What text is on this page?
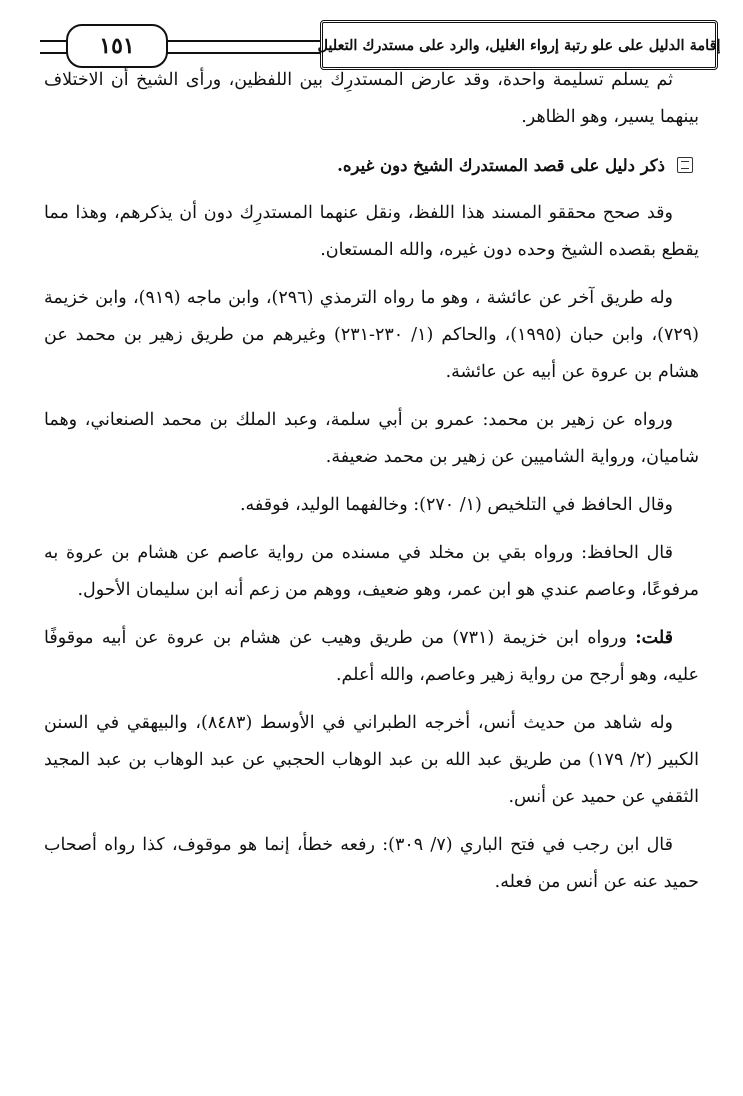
١٥١	إقامة الدليل على علو رتبة إرواء الغليل، والرد على مستدرك التعليل

ثم يسلم تسليمة واحدة، وقد عارض المستدرِك بين اللفظين، ورأى الشيخ أن الاختلاف بينهما يسير، وهو الظاهر.

ذكر دليل على قصد المستدرك الشيخ دون غيره.

وقد صحح محققو المسند هذا اللفظ، ونقل عنهما المستدرِك دون أن يذكرهم، وهذا مما يقطع بقصده الشيخ وحده دون غيره، والله المستعان.

وله طريق آخر عن عائشة ، وهو ما رواه الترمذي (٢٩٦)، وابن ماجه (٩١٩)، وابن خزيمة (٧٢٩)، وابن حبان (١٩٩٥)، والحاكم (١/ ٢٣٠-٢٣١) وغيرهم من طريق زهير بن محمد عن هشام بن عروة عن أبيه عن عائشة.

ورواه عن زهير بن محمد: عمرو بن أبي سلمة، وعبد الملك بن محمد الصنعاني، وهما شاميان، ورواية الشاميين عن زهير بن محمد ضعيفة.

وقال الحافظ في التلخيص (١/ ٢٧٠): وخالفهما الوليد، فوقفه.

قال الحافظ: ورواه بقي بن مخلد في مسنده من رواية عاصم عن هشام بن عروة به مرفوعًا، وعاصم عندي هو ابن عمر، وهو ضعيف، ووهم من زعم أنه ابن سليمان الأحول.

قلت: ورواه ابن خزيمة (٧٣١) من طريق وهيب عن هشام بن عروة عن أبيه موقوفًا عليه، وهو أرجح من رواية زهير وعاصم، والله أعلم.

وله شاهد من حديث أنس، أخرجه الطبراني في الأوسط (٨٤٨٣)، والبيهقي في السنن الكبير (٢/ ١٧٩) من طريق عبد الله بن عبد الوهاب الحجبي عن عبد الوهاب بن عبد المجيد الثقفي عن حميد عن أنس.

قال ابن رجب في فتح الباري (٧/ ٣٠٩): رفعه خطأ، إنما هو موقوف، كذا رواه أصحاب حميد عنه عن أنس من فعله.
